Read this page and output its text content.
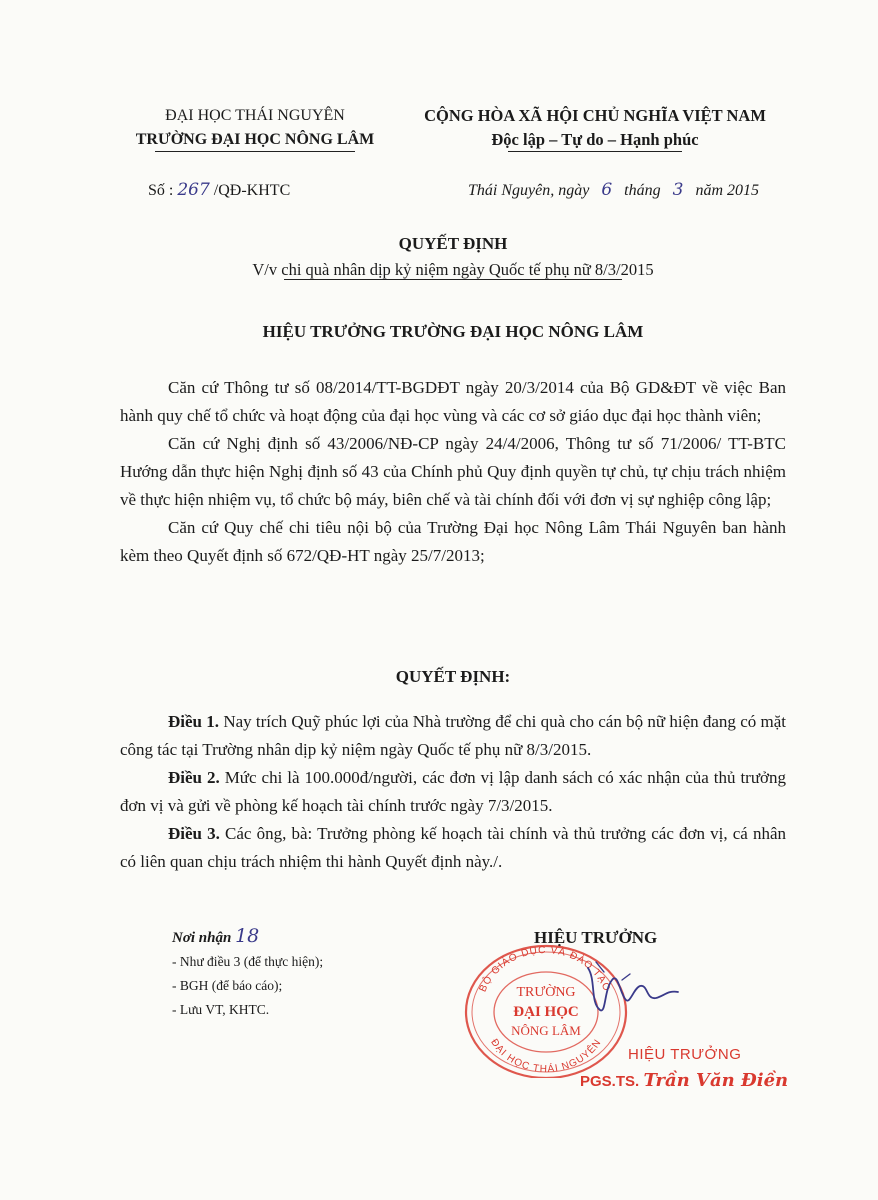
ĐẠI HỌC THÁI NGUYÊN
TRƯỜNG ĐẠI HỌC NÔNG LÂM
CỘNG HÒA XÃ HỘI CHỦ NGHĨA VIỆT NAM
Độc lập – Tự do – Hạnh phúc
Số : 267 /QĐ-KHTC	Thái Nguyên, ngày 6 tháng 3 năm 2015
QUYẾT ĐỊNH
V/v chi quà nhân dịp kỷ niệm ngày Quốc tế phụ nữ 8/3/2015
HIỆU TRƯỞNG TRƯỜNG ĐẠI HỌC NÔNG LÂM

Căn cứ Thông tư số 08/2014/TT-BGDĐT ngày 20/3/2014 của Bộ GD&ĐT về việc Ban hành quy chế tổ chức và hoạt động của đại học vùng và các cơ sở giáo dục đại học thành viên;

Căn cứ Nghị định số 43/2006/NĐ-CP ngày 24/4/2006, Thông tư số 71/2006/ TT-BTC Hướng dẫn thực hiện Nghị định số 43 của Chính phủ Quy định quyền tự chủ, tự chịu trách nhiệm về thực hiện nhiệm vụ, tổ chức bộ máy, biên chế và tài chính đối với đơn vị sự nghiệp công lập;

Căn cứ Quy chế chi tiêu nội bộ của Trường Đại học Nông Lâm Thái Nguyên ban hành kèm theo Quyết định số 672/QĐ-HT ngày 25/7/2013;

QUYẾT ĐỊNH:

Điều 1. Nay trích Quỹ phúc lợi của Nhà trường để chi quà cho cán bộ nữ hiện đang có mặt công tác tại Trường nhân dịp kỷ niệm ngày Quốc tế phụ nữ 8/3/2015.

Điều 2. Mức chi là 100.000đ/người, các đơn vị lập danh sách có xác nhận của thủ trưởng đơn vị và gửi về phòng kế hoạch tài chính trước ngày 7/3/2015.

Điều 3. Các ông, bà: Trưởng phòng kế hoạch tài chính và thủ trưởng các đơn vị, cá nhân có liên quan chịu trách nhiệm thi hành Quyết định này./.

Nơi nhận 18
- Như điều 3 (để thực hiện);
- BGH (để báo cáo);
- Lưu VT, KHTC.
HIỆU TRƯỞNG
BỘ GIÁO DỤC VÀ ĐÀO TẠO
ĐẠI HỌC THÁI NGUYÊN
TRƯỜNG
ĐẠI HỌC
NÔNG LÂM
HIỆU TRƯỞNG
PGS.TS. Trần Văn Điền
